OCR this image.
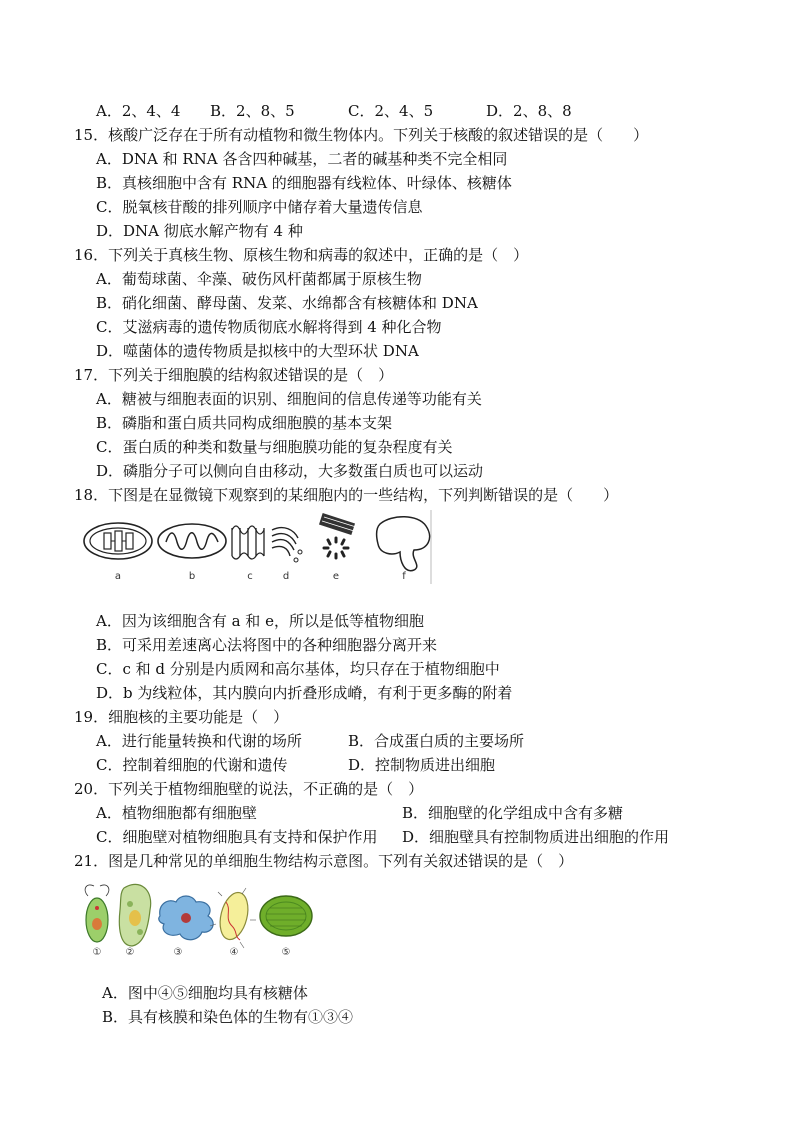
A．2、4、4 B．2、8、5	C．2、4、5	D．2、8、8
15．核酸广泛存在于所有动植物和微生物体内。下列关于核酸的叙述错误的是（　　）
A．DNA 和 RNA 各含四种碱基，二者的碱基种类不完全相同
B．真核细胞中含有 RNA 的细胞器有线粒体、叶绿体、核糖体
C．脱氧核苷酸的排列顺序中储存着大量遗传信息
D．DNA 彻底水解产物有 4 种
16．下列关于真核生物、原核生物和病毒的叙述中，正确的是（　）
A．葡萄球菌、伞藻、破伤风杆菌都属于原核生物
B．硝化细菌、酵母菌、发菜、水绵都含有核糖体和 DNA
C．艾滋病毒的遗传物质彻底水解将得到 4 种化合物
D．噬菌体的遗传物质是拟核中的大型环状 DNA
17．下列关于细胞膜的结构叙述错误的是（　）
A．糖被与细胞表面的识别、细胞间的信息传递等功能有关
B．磷脂和蛋白质共同构成细胞膜的基本支架
C．蛋白质的种类和数量与细胞膜功能的复杂程度有关
D．磷脂分子可以侧向自由移动，大多数蛋白质也可以运动
18．下图是在显微镜下观察到的某细胞内的一些结构，下列判断错误的是（　　）
a	b	c	d	e	f
A．因为该细胞含有 a 和 e，所以是低等植物细胞
B．可采用差速离心法将图中的各种细胞器分离开来
C．c 和 d 分别是内质网和高尔基体，均只存在于植物细胞中
D．b 为线粒体，其内膜向内折叠形成嵴，有利于更多酶的附着
19．细胞核的主要功能是（　）
A．进行能量转换和代谢的场所	B．合成蛋白质的主要场所
C．控制着细胞的代谢和遗传	D．控制物质进出细胞
20．下列关于植物细胞壁的说法，不正确的是（　）
A．植物细胞都有细胞壁	B．细胞壁的化学组成中含有多糖
C．细胞壁对植物细胞具有支持和保护作用 D．细胞壁具有控制物质进出细胞的作用
21．图是几种常见的单细胞生物结构示意图。下列有关叙述错误的是（　）
① ②	③	④	⑤
A．图中④⑤细胞均具有核糖体
B．具有核膜和染色体的生物有①③④
